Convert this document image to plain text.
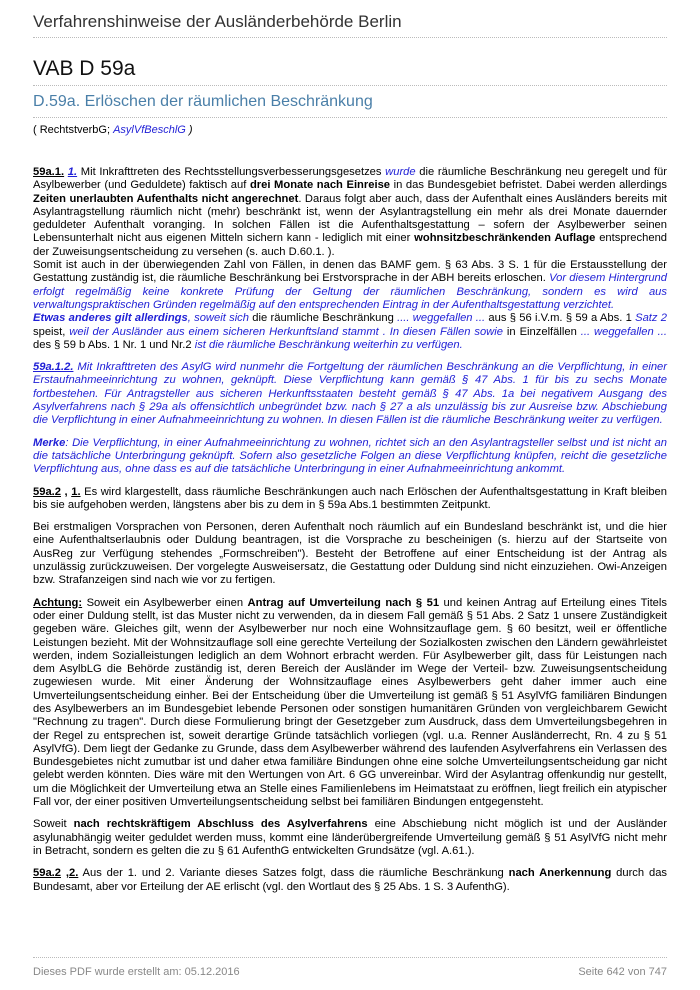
Verfahrenshinweise der Ausländerbehörde Berlin
VAB D 59a
D.59a. Erlöschen der räumlichen Beschränkung
( RechtstverbG; AsylVfBeschlG )

59a.1. 1. Mit Inkrafttreten des Rechtsstellungsverbesserungsgesetzes wurde die räumliche Beschränkung neu geregelt und für Asylbewerber (und Geduldete) faktisch auf drei Monate nach Einreise in das Bundesgebiet befristet. Dabei werden allerdings Zeiten unerlaubten Aufenthalts nicht angerechnet. Daraus folgt aber auch, dass der Aufenthalt eines Ausländers bereits mit Asylantragstellung räumlich nicht (mehr) beschränkt ist, wenn der Asylantragstellung ein mehr als drei Monate dauernder geduldeter Aufenthalt voranging. In solchen Fällen ist die Aufenthaltsgestattung – sofern der Asylbewerber seinen Lebensunterhalt nicht aus eigenen Mitteln sichern kann - lediglich mit einer wohnsitzbeschränkenden Auflage entsprechend der Zuweisungsentscheidung zu versehen (s. auch D.60.1. ).
Somit ist auch in der überwiegenden Zahl von Fällen, in denen das BAMF gem. § 63 Abs. 3 S. 1 für die Erstausstellung der Gestattung zuständig ist, die räumliche Beschränkung bei Erstvorsprache in der ABH bereits erloschen. Vor diesem Hintergrund erfolgt regelmäßig keine konkrete Prüfung der Geltung der räumlichen Beschränkung, sondern es wird aus verwaltungspraktischen Gründen regelmäßig auf den entsprechenden Eintrag in der Aufenthaltsgestattung verzichtet.
Etwas anderes gilt allerdings, soweit sich die räumliche Beschränkung .... weggefallen ... aus § 56 i.V.m. § 59 a Abs. 1 Satz 2 speist, weil der Ausländer aus einem sicheren Herkunftsland stammt . In diesen Fällen sowie in Einzelfällen ... weggefallen ... des § 59 b Abs. 1 Nr. 1 und Nr.2 ist die räumliche Beschränkung weiterhin zu verfügen.

59a.1.2. Mit Inkrafttreten des AsylG wird nunmehr die Fortgeltung der räumlichen Beschränkung an die Verpflichtung, in einer Erstaufnahmeeinrichtung zu wohnen, geknüpft. Diese Verpflichtung kann gemäß § 47 Abs. 1 für bis zu sechs Monate fortbestehen. Für Antragsteller aus sicheren Herkunftsstaaten besteht gemäß § 47 Abs. 1a bei negativem Ausgang des Asylverfahrens nach § 29a als offensichtlich unbegründet bzw. nach § 27 a als unzulässig bis zur Ausreise bzw. Abschiebung die Verpflichtung in einer Aufnahmeeinrichtung zu wohnen. In diesen Fällen ist die räumliche Beschränkung weiter zu verfügen.

Merke: Die Verpflichtung, in einer Aufnahmeeinrichtung zu wohnen, richtet sich an den Asylantragsteller selbst und ist nicht an die tatsächliche Unterbringung geknüpft. Sofern also gesetzliche Folgen an diese Verpflichtung knüpfen, reicht die gesetzliche Verpflichtung aus, ohne dass es auf die tatsächliche Unterbringung in einer Aufnahmeeinrichtung ankommt.

59a.2 , 1. Es wird klargestellt, dass räumliche Beschränkungen auch nach Erlöschen der Aufenthaltsgestattung in Kraft bleiben bis sie aufgehoben werden, längstens aber bis zu dem in § 59a Abs.1 bestimmten Zeitpunkt.

Bei erstmaligen Vorsprachen von Personen, deren Aufenthalt noch räumlich auf ein Bundesland beschränkt ist, und die hier eine Aufenthaltserlaubnis oder Duldung beantragen, ist die Vorsprache zu bescheinigen (s. hierzu auf der Startseite von AusReg zur Verfügung stehendes „Formschreiben"). Besteht der Betroffene auf einer Entscheidung ist der Antrag als unzulässig zurückzuweisen. Der vorgelegte Ausweisersatz, die Gestattung oder Duldung sind nicht einzuziehen. Owi-Anzeigen bzw. Strafanzeigen sind nach wie vor zu fertigen.

Achtung: Soweit ein Asylbewerber einen Antrag auf Umverteilung nach § 51 und keinen Antrag auf Erteilung eines Titels oder einer Duldung stellt, ist das Muster nicht zu verwenden, da in diesem Fall gemäß § 51 Abs. 2 Satz 1 unsere Zuständigkeit gegeben wäre. Gleiches gilt, wenn der Asylbewerber nur noch eine Wohnsitzauflage gem. § 60 besitzt, weil er öffentliche Leistungen bezieht. Mit der Wohnsitzauflage soll eine gerechte Verteilung der Sozialkosten zwischen den Ländern gewährleistet werden, indem Sozialleistungen lediglich an dem Wohnort erbracht werden. Für Asylbewerber gilt, dass für Leistungen nach dem AsylbLG die Behörde zuständig ist, deren Bereich der Ausländer im Wege der Verteil- bzw. Zuweisungsentscheidung zugewiesen wurde. Mit einer Änderung der Wohnsitzauflage eines Asylbewerbers geht daher immer auch eine Umverteilungsentscheidung einher. Bei der Entscheidung über die Umverteilung ist gemäß § 51 AsylVfG familiären Bindungen des Asylbewerbers an im Bundesgebiet lebende Personen oder sonstigen humanitären Gründen von vergleichbarem Gewicht "Rechnung zu tragen". Durch diese Formulierung bringt der Gesetzgeber zum Ausdruck, dass dem Umverteilungsbegehren in der Regel zu entsprechen ist, soweit derartige Gründe tatsächlich vorliegen (vgl. u.a. Renner Ausländerrecht, Rn. 4 zu § 51 AsylVfG). Dem liegt der Gedanke zu Grunde, dass dem Asylbewerber während des laufenden Asylverfahrens ein Verlassen des Bundesgebietes nicht zumutbar ist und daher etwa familiäre Bindungen ohne eine solche Umverteilungsentscheidung gar nicht gelebt werden könnten. Dies wäre mit den Wertungen von Art. 6 GG unvereinbar. Wird der Asylantrag offenkundig nur gestellt, um die Möglichkeit der Umverteilung etwa an Stelle eines Familienlebens im Heimatstaat zu eröffnen, liegt freilich ein atypischer Fall vor, der einer positiven Umverteilungsentscheidung selbst bei familiären Bindungen entgegensteht.

Soweit nach rechtskräftigem Abschluss des Asylverfahrens eine Abschiebung nicht möglich ist und der Ausländer asylunabhängig weiter geduldet werden muss, kommt eine länderübergreifende Umverteilung gemäß § 51 AsylVfG nicht mehr in Betracht, sondern es gelten die zu § 61 AufenthG entwickelten Grundsätze (vgl. A.61.).

59a.2 ,2. Aus der 1. und 2. Variante dieses Satzes folgt, dass die räumliche Beschränkung nach Anerkennung durch das Bundesamt, aber vor Erteilung der AE erlischt (vgl. den Wortlaut des § 25 Abs. 1 S. 3 AufenthG).

Dieses PDF wurde erstellt am: 05.12.2016	Seite 642 von 747
